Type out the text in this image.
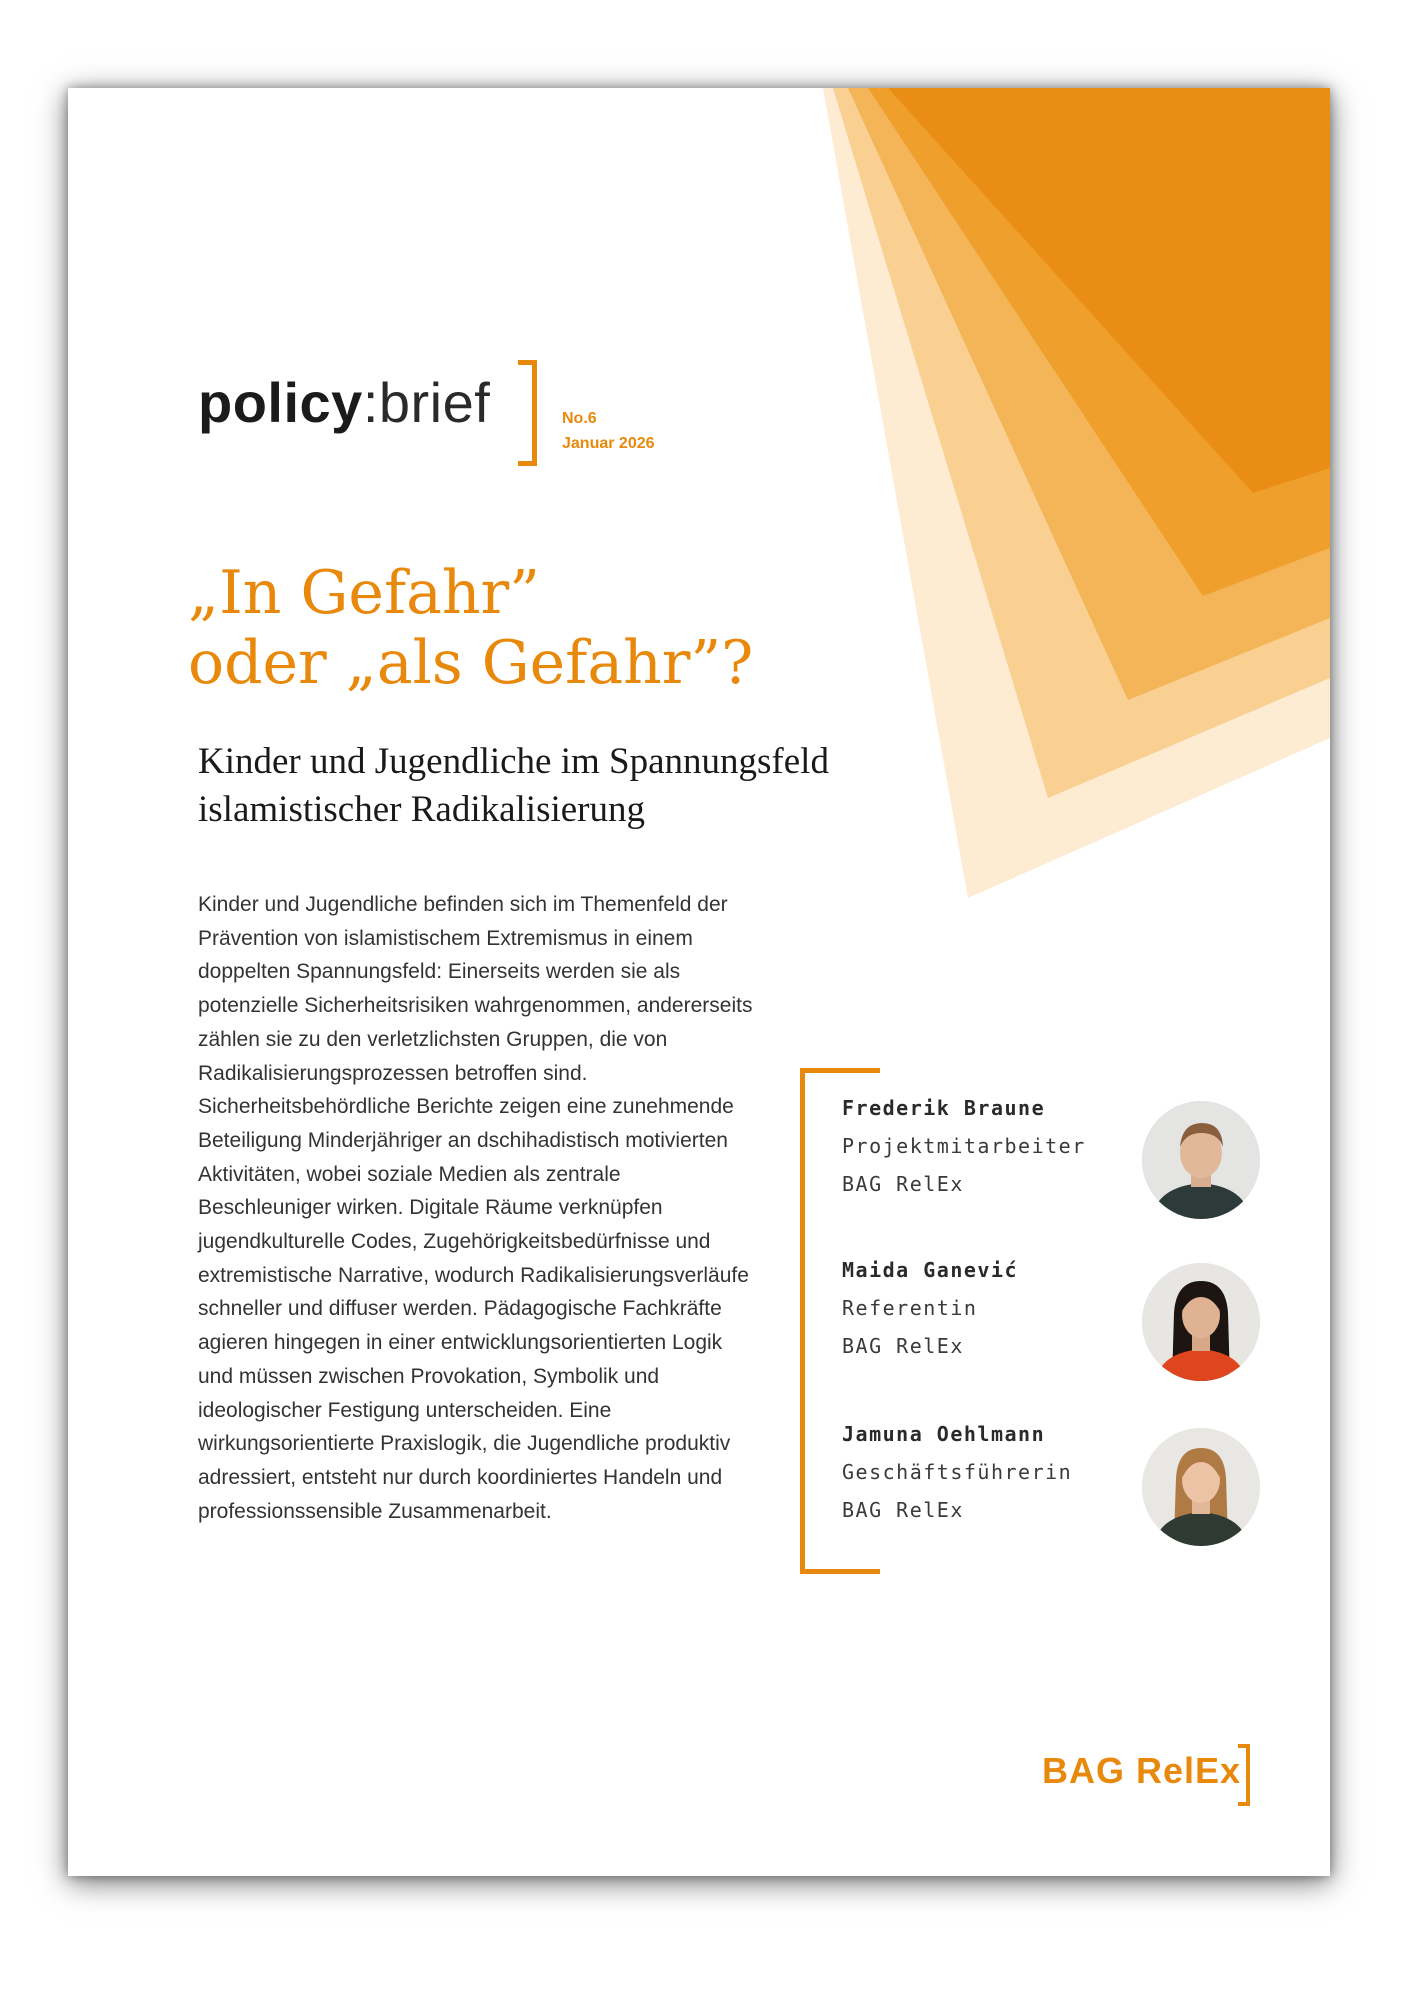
policy:brief	No.6
Januar 2026
„In Gefahr”
oder „als Gefahr”?
Kinder und Jugendliche im Spannungsfeld
islamistischer Radikalisierung

Kinder und Jugendliche befinden sich im Themenfeld der Prävention von islamistischem Extremismus in einem doppelten Spannungsfeld: Einerseits werden sie als potenzielle Sicherheitsrisiken wahrgenommen, andererseits zählen sie zu den verletzlichsten Gruppen, die von Radikalisierungsprozessen betroffen sind. Sicherheitsbehördliche Berichte zeigen eine zunehmende Beteiligung Minderjähriger an dschihadistisch motivierten Aktivitäten, wobei soziale Medien als zentrale Beschleuniger wirken. Digitale Räume verknüpfen jugendkulturelle Codes, Zugehörigkeitsbedürfnisse und extremistische Narrative, wodurch Radikalisierungsverläufe schneller und diffuser werden. Pädagogische Fachkräfte agieren hingegen in einer entwicklungsorientierten Logik und müssen zwischen Provokation, Symbolik und ideologischer Festigung unterscheiden. Eine wirkungsorientierte Praxislogik, die Jugendliche produktiv adressiert, entsteht nur durch koordiniertes Handeln und professionssensible Zusammenarbeit.

Frederik Braune
Projektmitarbeiter
BAG RelEx
Maida Ganević
Referentin
BAG RelEx
Jamuna Oehlmann
Geschäftsführerin
BAG RelEx
BAG RelEx
